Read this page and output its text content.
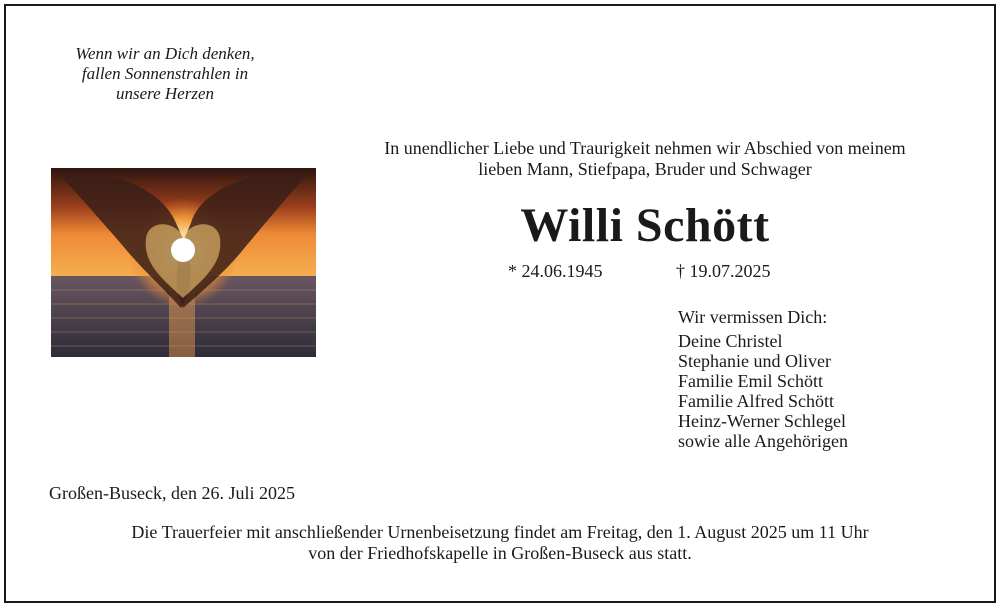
Wenn wir an Dich denken,
fallen Sonnenstrahlen in
unsere Herzen
In unendlicher Liebe und Traurigkeit nehmen wir Abschied von meinem
lieben Mann, Stiefpapa, Bruder und Schwager
Willi Schött
* 24.06.1945	† 19.07.2025
Wir vermissen Dich:
Deine Christel
Stephanie und Oliver
Familie Emil Schött
Familie Alfred Schött
Heinz-Werner Schlegel
sowie alle Angehörigen
Großen-Buseck, den 26. Juli 2025
Die Trauerfeier mit anschließender Urnenbeisetzung findet am Freitag, den 1. August 2025 um 11 Uhr
von der Friedhofskapelle in Großen-Buseck aus statt.
